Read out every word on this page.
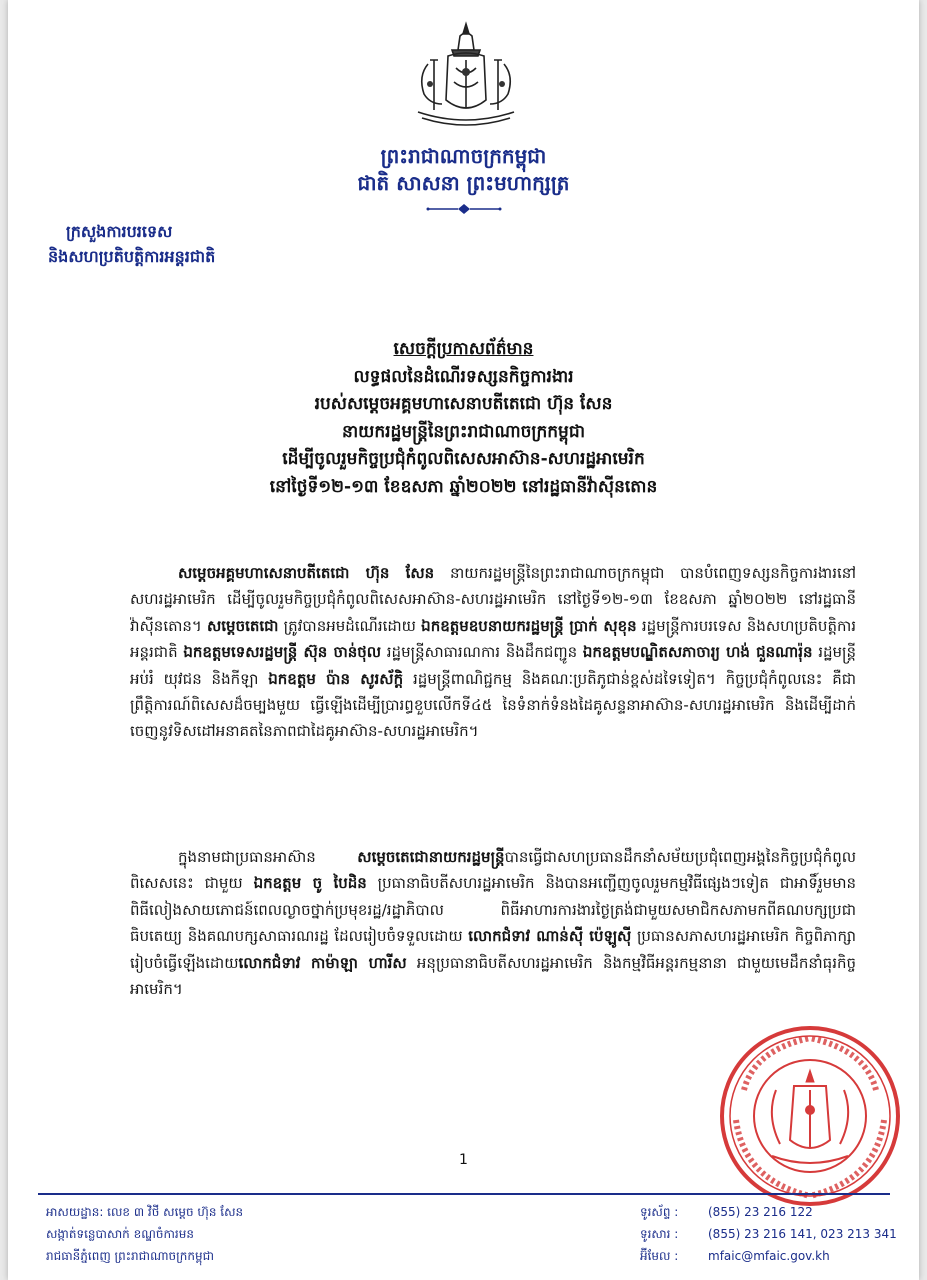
ព្រះរាជាណាចក្រកម្ពុជា
ជាតិ សាសនា ព្រះមហាក្សត្រ
ក្រសួងការបរទេស
និងសហប្រតិបត្តិការអន្តរជាតិ
សេចក្តីប្រកាសព័ត៌មាន
លទ្ធផលនៃដំណើរទស្សនកិច្ចការងារ
របស់សម្តេចអគ្គមហាសេនាបតីតេជោ ហ៊ុន សែន
នាយករដ្ឋមន្ត្រីនៃព្រះរាជាណាចក្រកម្ពុជា
ដើម្បីចូលរួមកិច្ចប្រជុំកំពូលពិសេសអាស៊ាន-សហរដ្ឋអាមេរិក
នៅថ្ងៃទី១២-១៣ ខែឧសភា ឆ្នាំ២០២២ នៅរដ្ឋធានីវ៉ាស៊ីនតោន
សម្តេចអគ្គមហាសេនាបតីតេជោ ហ៊ុន សែន នាយករដ្ឋមន្ត្រីនៃព្រះរាជាណាចក្រកម្ពុជា បានបំពេញទស្សនកិច្ចការងារនៅសហរដ្ឋអាមេរិក ដើម្បីចូលរួមកិច្ចប្រជុំកំពូលពិសេសអាស៊ាន-សហរដ្ឋអាមេរិក នៅថ្ងៃទី១២-១៣ ខែឧសភា ឆ្នាំ២០២២ នៅរដ្ឋធានីវ៉ាស៊ីនតោន។ សម្តេចតេជោ ត្រូវបានអមដំណើរដោយ ឯកឧត្តមឧបនាយករដ្ឋមន្ត្រី ប្រាក់ សុខុន រដ្ឋមន្ត្រីការបរទេស និងសហប្រតិបត្តិការអន្តរជាតិ ឯកឧត្តមទេសរដ្ឋមន្ត្រី ស៊ុន ចាន់ថុល រដ្ឋមន្ត្រីសាធារណការ និងដឹកជញ្ជូន ឯកឧត្តមបណ្ឌិតសភាចារ្យ ហង់ ជួនណារ៉ុន រដ្ឋមន្ត្រីអប់រំ យុវជន និងកីឡា ឯកឧត្តម ប៉ាន សូរស័ក្តិ រដ្ឋមន្ត្រីពាណិជ្ជកម្ម និងគណៈប្រតិភូជាន់ខ្ពស់ដទៃទៀត។ កិច្ចប្រជុំកំពូលនេះ គឺជាព្រឹត្តិការណ៍ពិសេសដ៏ចម្បងមួយ ធ្វើឡើងដើម្បីប្រារព្ធខួបលើកទី៤៥ នៃទំនាក់ទំនងដៃគូសន្ទនាអាស៊ាន-សហរដ្ឋអាមេរិក និងដើម្បីដាក់ចេញនូវទិសដៅអនាគតនៃភាពជាដៃគូអាស៊ាន-សហរដ្ឋអាមេរិក។
ក្នុងនាមជាប្រធានអាស៊ាន សម្តេចតេជោនាយករដ្ឋមន្ត្រីបានធ្វើជាសហប្រធានដឹកនាំសម័យប្រជុំពេញអង្គនៃកិច្ចប្រជុំកំពូលពិសេសនេះ ជាមួយ ឯកឧត្តម ចូ បៃដិន ប្រធានាធិបតីសហរដ្ឋអាមេរិក និងបានអញ្ជើញចូលរួមកម្មវិធីផ្សេងៗទៀត ជាអាទិ៍រួមមាន ពិធីលៀងសាយភោជន៍ពេលល្ងាចថ្នាក់ប្រមុខរដ្ឋ/រដ្ឋាភិបាល ពិធីអាហារការងារថ្ងៃត្រង់ជាមួយសមាជិកសភាមកពីគណបក្សប្រជាធិបតេយ្យ និងគណបក្សសាធារណរដ្ឋ ដែលរៀបចំទទួលដោយ លោកជំទាវ ណាន់ស៊ី ប៉េឡូស៊ី ប្រធានសភាសហរដ្ឋអាមេរិក កិច្ចពិភាក្សារៀបចំធ្វើឡើងដោយលោកជំទាវ កាម៉ាឡា ហារីស អនុប្រធានាធិបតីសហរដ្ឋអាមេរិក និងកម្មវិធីអន្តរកម្មនានា ជាមួយមេដឹកនាំធុរកិច្ចអាមេរិក។
1
អាសយដ្ឋាន: លេខ ៣ វិថី សម្តេច ហ៊ុន សែន
សង្កាត់ទន្លេបាសាក់ ខណ្ឌចំការមន
រាជធានីភ្នំពេញ ព្រះរាជាណាចក្រកម្ពុជា
ទូរស័ព្ទ : (855) 23 216 122
ទូរសារ : (855) 23 216 141, 023 213 341
អ៊ីមែល : mfaic@mfaic.gov.kh
